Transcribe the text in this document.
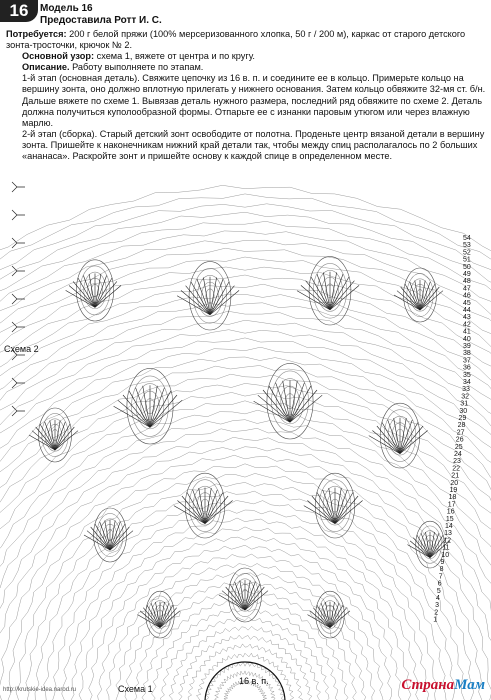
16	Модель 16
Предоставила Ротт И. С.

Потребуется: 200 г белой пряжи (100% мерсеризованного хлопка, 50 г / 200 м), каркас от старого детского зонта-тросточки, крючок № 2.

Основной узор: схема 1, вяжете от центра и по кругу.

Описание. Работу выполняете по этапам.

1-й этап (основная деталь). Свяжите цепочку из 16 в. п. и соедините ее в кольцо. Примерьте кольцо на вершину зонта, оно должно вплотную прилегать у нижнего основания. Затем кольцо обвяжите 32-мя ст. б/н. Дальше вяжете по схеме 1. Вывязав деталь нужного размера, последний ряд обвяжите по схеме 2. Деталь должна получиться куполообразной формы. Отпарьте ее с изнанки паровым утюгом или через влажную марлю.

2-й этап (сборка). Старый детский зонт освободите от полотна. Проденьте центр вязаной детали в вершину зонта. Пришейте к наконечникам нижний край детали так, чтобы между спиц располагалось по 2 больших «ананаса». Раскройте зонт и пришейте основу к каждой спице в определенном месте.

54
53
52
51
50
49
48
47
46
45
44
43
42
41
40
39
38
37
36
35
34
33
32
31
30
29
28
27
26
25
24
23
22
21
20
19
18
17
16
15
14
13
12
11
10
9
8
7
6
5
4
3
2
1
Схема 2
Схема 1
16 в. п.
http://krutskie-idea.narod.ru	СтранаМам
